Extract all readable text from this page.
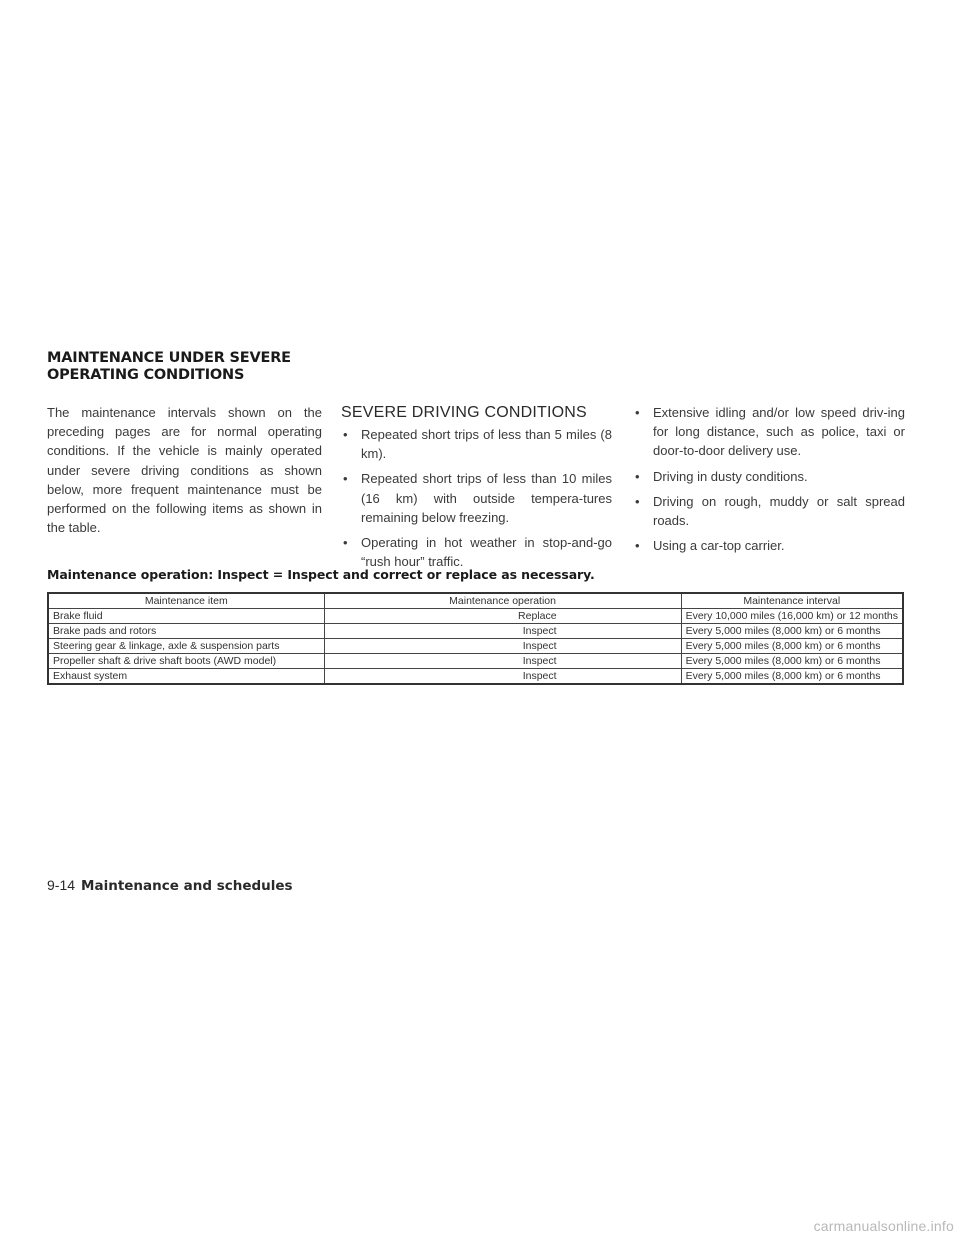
MAINTENANCE UNDER SEVERE
OPERATING CONDITIONS

The maintenance intervals shown on the preceding pages are for normal operating conditions. If the vehicle is mainly operated under severe driving conditions as shown below, more frequent maintenance must be performed on the following items as shown in the table.

SEVERE DRIVING CONDITIONS
• Repeated short trips of less than 5 miles (8 km).
• Repeated short trips of less than 10 miles (16 km) with outside tempera-tures remaining below freezing.
• Operating in hot weather in stop-and-go “rush hour” traffic.
• Extensive idling and/or low speed driv-ing for long distance, such as police, taxi or door-to-door delivery use.
• Driving in dusty conditions.
• Driving on rough, muddy or salt spread roads.
• Using a car-top carrier.

Maintenance operation: Inspect = Inspect and correct or replace as necessary.

Maintenance item	Maintenance operation	Maintenance interval
Brake fluid	Replace	Every 10,000 miles (16,000 km) or 12 months
Brake pads and rotors	Inspect	Every 5,000 miles (8,000 km) or 6 months
Steering gear & linkage, axle & suspension parts	Inspect	Every 5,000 miles (8,000 km) or 6 months
Propeller shaft & drive shaft boots (AWD model)	Inspect	Every 5,000 miles (8,000 km) or 6 months
Exhaust system	Inspect	Every 5,000 miles (8,000 km) or 6 months
9-14 Maintenance and schedules
carmanualsonline.info
